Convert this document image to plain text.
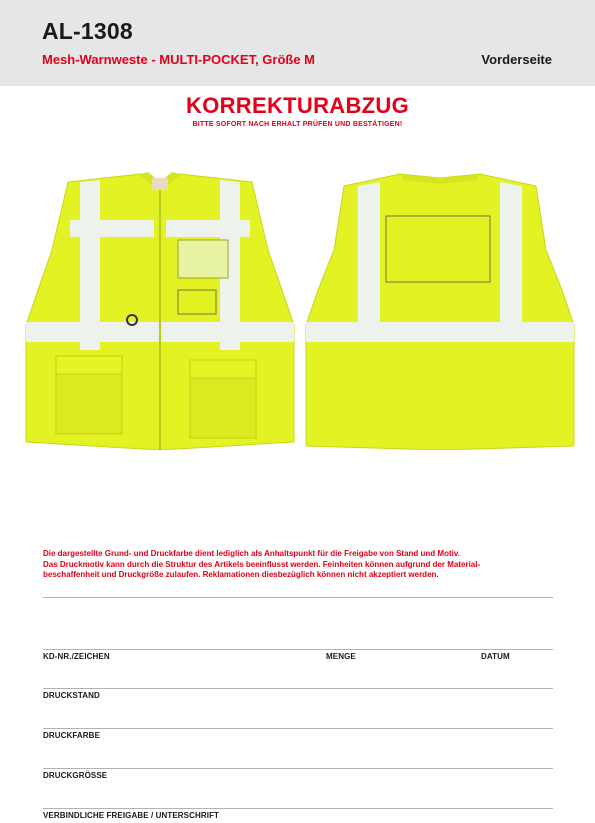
AL-1308
Mesh-Warnweste - MULTI-POCKET, Größe M	Vorderseite
KORREKTURABZUG
BITTE SOFORT NACH ERHALT PRÜFEN UND BESTÄTIGEN!
Die dargestellte Grund- und Druckfarbe dient lediglich als Anhaltspunkt für die Freigabe von Stand und Motiv.
Das Druckmotiv kann durch die Struktur des Artikels beeinflusst werden. Feinheiten können aufgrund der Material-
beschaffenheit und Druckgröße zulaufen. Reklamationen diesbezüglich können nicht akzeptiert werden.
KD-NR./ZEICHEN	MENGE	DATUM
DRUCKSTAND
DRUCKFARBE
DRUCKGRÖSSE
VERBINDLICHE FREIGABE / UNTERSCHRIFT
